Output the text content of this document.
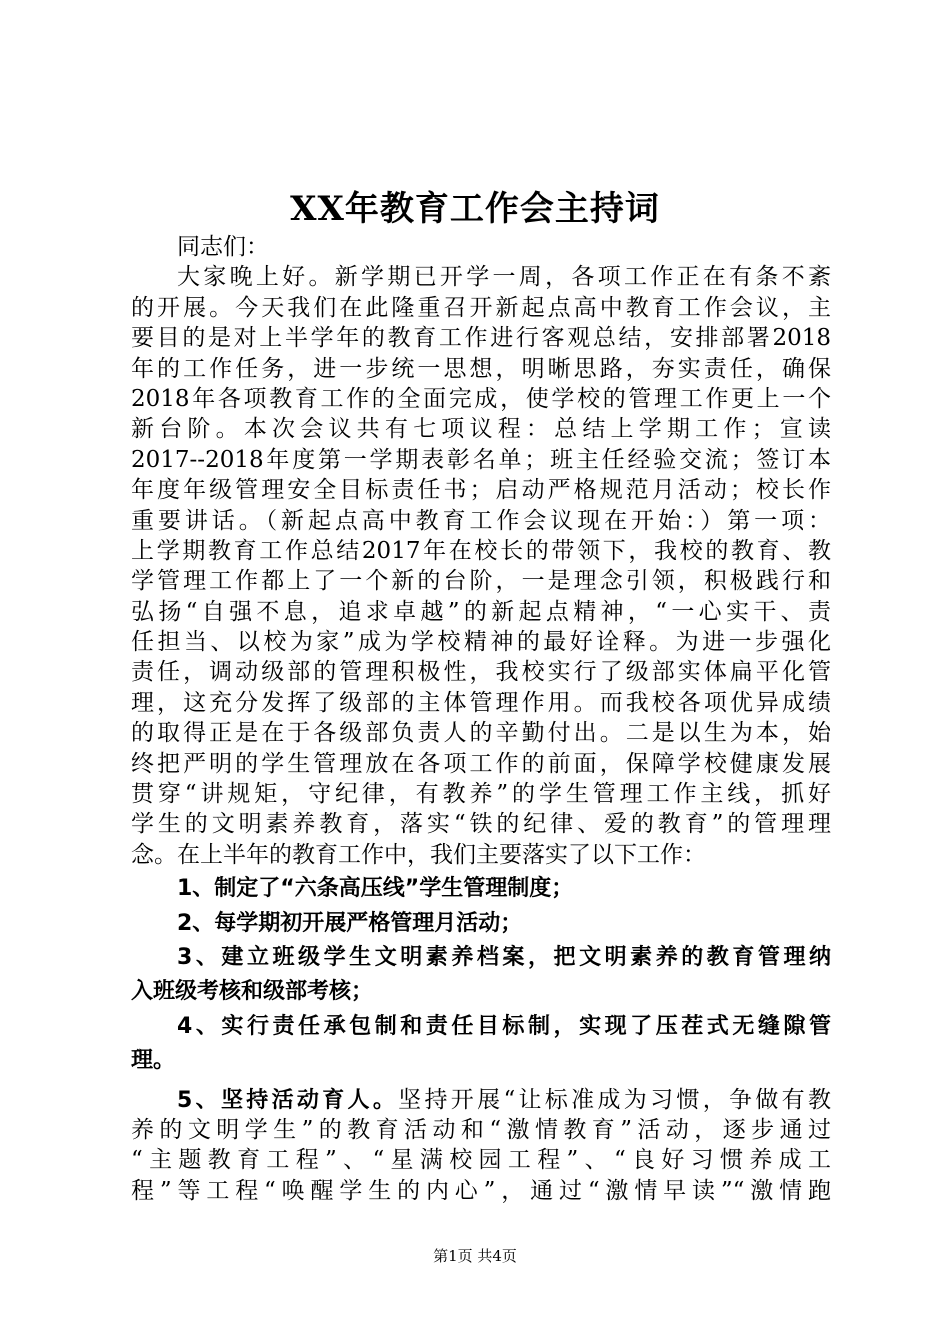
XX年教育工作会主持词
同志们：
大家晚上好。新学期已开学一周，各项工作正在有条不紊
的开展。今天我们在此隆重召开新起点高中教育工作会议，主
要目的是对上半学年的教育工作进行客观总结，安排部署2018
年的工作任务，进一步统一思想，明晰思路，夯实责任，确保
2018年各项教育工作的全面完成，使学校的管理工作更上一个
新台阶。本次会议共有七项议程：总结上学期工作；宣读
2017--2018年度第一学期表彰名单；班主任经验交流；签订本
年度年级管理安全目标责任书；启动严格规范月活动；校长作
重要讲话。（新起点高中教育工作会议现在开始：）第一项：
上学期教育工作总结2017年在校长的带领下，我校的教育、教
学管理工作都上了一个新的台阶，一是理念引领，积极践行和
弘扬“自强不息，追求卓越”的新起点精神，“一心实干、责
任担当、以校为家”成为学校精神的最好诠释。为进一步强化
责任，调动级部的管理积极性，我校实行了级部实体扁平化管
理，这充分发挥了级部的主体管理作用。而我校各项优异成绩
的取得正是在于各级部负责人的辛勤付出。二是以生为本，始
终把严明的学生管理放在各项工作的前面，保障学校健康发展
贯穿“讲规矩，守纪律，有教养”的学生管理工作主线，抓好
学生的文明素养教育，落实“铁的纪律、爱的教育”的管理理
念。在上半年的教育工作中，我们主要落实了以下工作：
1、制定了“六条高压线”学生管理制度；
2、每学期初开展严格管理月活动；
3、建立班级学生文明素养档案，把文明素养的教育管理纳
入班级考核和级部考核；
4、实行责任承包制和责任目标制，实现了压茬式无缝隙管
理。
5、坚持活动育人。坚持开展“让标准成为习惯，争做有教
养的文明学生”的教育活动和“激情教育”活动，逐步通过
“主题教育工程”、“星满校园工程”、“良好习惯养成工
程”等工程“唤醒学生的内心”，通过“激情早读”“激情跑
第1页 共4页
